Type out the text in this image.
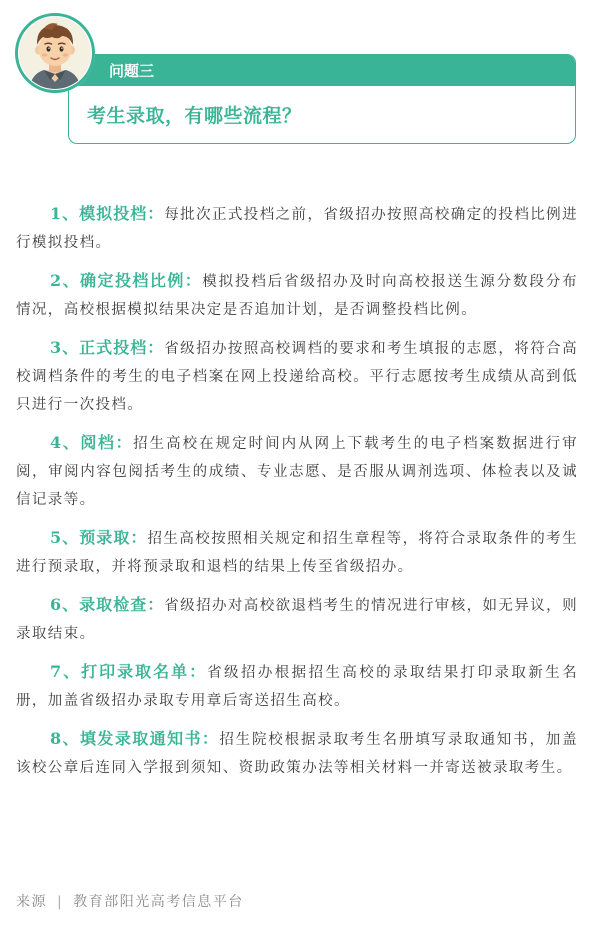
问题三
考生录取，有哪些流程？

1、模拟投档：每批次正式投档之前，省级招办按照高校确定的投档比例进行模拟投档。

2、确定投档比例：模拟投档后省级招办及时向高校报送生源分数段分布情况，高校根据模拟结果决定是否追加计划，是否调整投档比例。

3、正式投档：省级招办按照高校调档的要求和考生填报的志愿，将符合高校调档条件的考生的电子档案在网上投递给高校。平行志愿按考生成绩从高到低只进行一次投档。

4、阅档：招生高校在规定时间内从网上下载考生的电子档案数据进行审阅，审阅内容包阅括考生的成绩、专业志愿、是否服从调剂选项、体检表以及诚信记录等。

5、预录取：招生高校按照相关规定和招生章程等，将符合录取条件的考生进行预录取，并将预录取和退档的结果上传至省级招办。

6、录取检查：省级招办对高校欲退档考生的情况进行审核，如无异议，则录取结束。

7、打印录取名单：省级招办根据招生高校的录取结果打印录取新生名册，加盖省级招办录取专用章后寄送招生高校。

8、填发录取通知书：招生院校根据录取考生名册填写录取通知书，加盖该校公章后连同入学报到须知、资助政策办法等相关材料一并寄送被录取考生。

来源 | 教育部阳光高考信息平台
